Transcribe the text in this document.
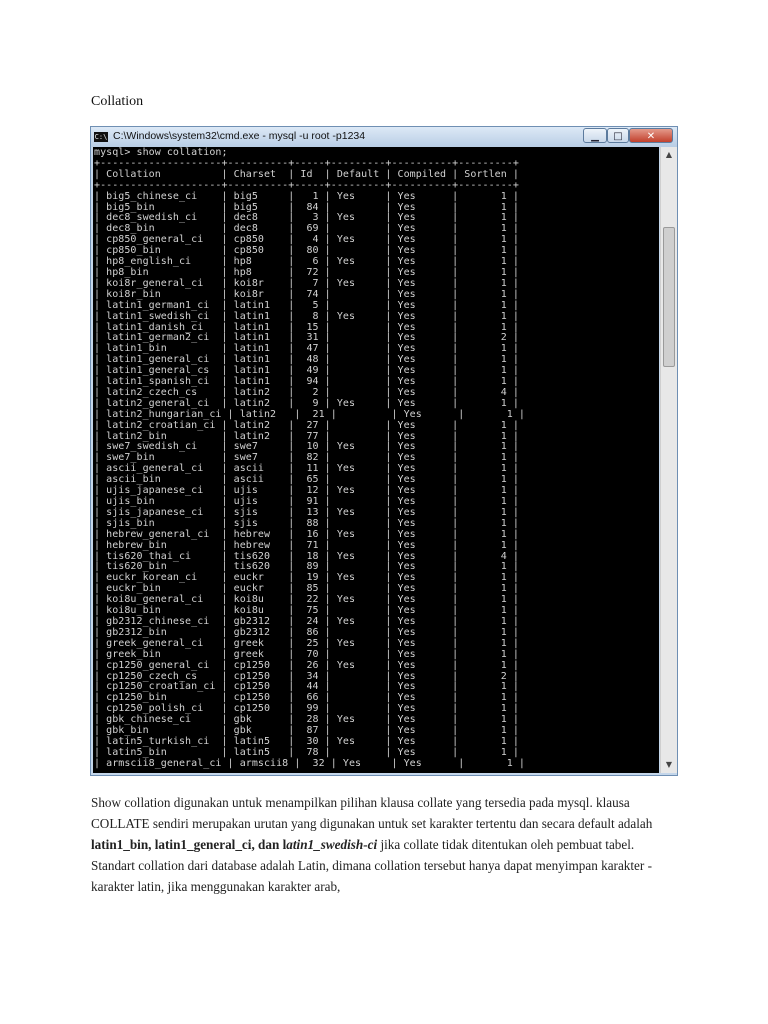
Collation
C:\ C:\Windows\system32\cmd.exe - mysql -u root -p1234	▁	□	✕
mysql> show collation;
+--------------------+----------+-----+---------+----------+---------+
| Collation          | Charset  | Id  | Default | Compiled | Sortlen |
+--------------------+----------+-----+---------+----------+---------+
| big5_chinese_ci    | big5     |   1 | Yes     | Yes      |       1 |
| big5_bin           | big5     |  84 |         | Yes      |       1 |
| dec8_swedish_ci    | dec8     |   3 | Yes     | Yes      |       1 |
| dec8_bin           | dec8     |  69 |         | Yes      |       1 |
| cp850_general_ci   | cp850    |   4 | Yes     | Yes      |       1 |
| cp850_bin          | cp850    |  80 |         | Yes      |       1 |
| hp8_english_ci     | hp8      |   6 | Yes     | Yes      |       1 |
| hp8_bin            | hp8      |  72 |         | Yes      |       1 |
| koi8r_general_ci   | koi8r    |   7 | Yes     | Yes      |       1 |
| koi8r_bin          | koi8r    |  74 |         | Yes      |       1 |
| latin1_german1_ci  | latin1   |   5 |         | Yes      |       1 |
| latin1_swedish_ci  | latin1   |   8 | Yes     | Yes      |       1 |
| latin1_danish_ci   | latin1   |  15 |         | Yes      |       1 |
| latin1_german2_ci  | latin1   |  31 |         | Yes      |       2 |
| latin1_bin         | latin1   |  47 |         | Yes      |       1 |
| latin1_general_ci  | latin1   |  48 |         | Yes      |       1 |
| latin1_general_cs  | latin1   |  49 |         | Yes      |       1 |
| latin1_spanish_ci  | latin1   |  94 |         | Yes      |       1 |
| latin2_czech_cs    | latin2   |   2 |         | Yes      |       4 |
| latin2_general_ci  | latin2   |   9 | Yes     | Yes      |       1 |
| latin2_hungarian_ci | latin2   |  21 |         | Yes      |       1 |
| latin2_croatian_ci | latin2   |  27 |         | Yes      |       1 |
| latin2_bin         | latin2   |  77 |         | Yes      |       1 |
| swe7_swedish_ci    | swe7     |  10 | Yes     | Yes      |       1 |
| swe7_bin           | swe7     |  82 |         | Yes      |       1 |
| ascii_general_ci   | ascii    |  11 | Yes     | Yes      |       1 |
| ascii_bin          | ascii    |  65 |         | Yes      |       1 |
| ujis_japanese_ci   | ujis     |  12 | Yes     | Yes      |       1 |
| ujis_bin           | ujis     |  91 |         | Yes      |       1 |
| sjis_japanese_ci   | sjis     |  13 | Yes     | Yes      |       1 |
| sjis_bin           | sjis     |  88 |         | Yes      |       1 |
| hebrew_general_ci  | hebrew   |  16 | Yes     | Yes      |       1 |
| hebrew_bin         | hebrew   |  71 |         | Yes      |       1 |
| tis620_thai_ci     | tis620   |  18 | Yes     | Yes      |       4 |
| tis620_bin         | tis620   |  89 |         | Yes      |       1 |
| euckr_korean_ci    | euckr    |  19 | Yes     | Yes      |       1 |
| euckr_bin          | euckr    |  85 |         | Yes      |       1 |
| koi8u_general_ci   | koi8u    |  22 | Yes     | Yes      |       1 |
| koi8u_bin          | koi8u    |  75 |         | Yes      |       1 |
| gb2312_chinese_ci  | gb2312   |  24 | Yes     | Yes      |       1 |
| gb2312_bin         | gb2312   |  86 |         | Yes      |       1 |
| greek_general_ci   | greek    |  25 | Yes     | Yes      |       1 |
| greek_bin          | greek    |  70 |         | Yes      |       1 |
| cp1250_general_ci  | cp1250   |  26 | Yes     | Yes      |       1 |
| cp1250_czech_cs    | cp1250   |  34 |         | Yes      |       2 |
| cp1250_croatian_ci | cp1250   |  44 |         | Yes      |       1 |
| cp1250_bin         | cp1250   |  66 |         | Yes      |       1 |
| cp1250_polish_ci   | cp1250   |  99 |         | Yes      |       1 |
| gbk_chinese_ci     | gbk      |  28 | Yes     | Yes      |       1 |
| gbk_bin            | gbk      |  87 |         | Yes      |       1 |
| latin5_turkish_ci  | latin5   |  30 | Yes     | Yes      |       1 |
| latin5_bin         | latin5   |  78 |         | Yes      |       1 |
| armscii8_general_ci | armscii8 |  32 | Yes     | Yes      |       1 |
▲
▼
Show collation digunakan untuk menampilkan pilihan klausa collate yang tersedia pada mysql. klausa COLLATE sendiri merupakan urutan yang digunakan untuk set karakter tertentu dan secara default adalah latin1_bin, latin1_general_ci, dan latin1_swedish-ci jika collate tidak ditentukan oleh pembuat tabel. Standart collation dari database adalah Latin, dimana collation tersebut hanya dapat menyimpan karakter - karakter latin, jika menggunakan karakter arab,
